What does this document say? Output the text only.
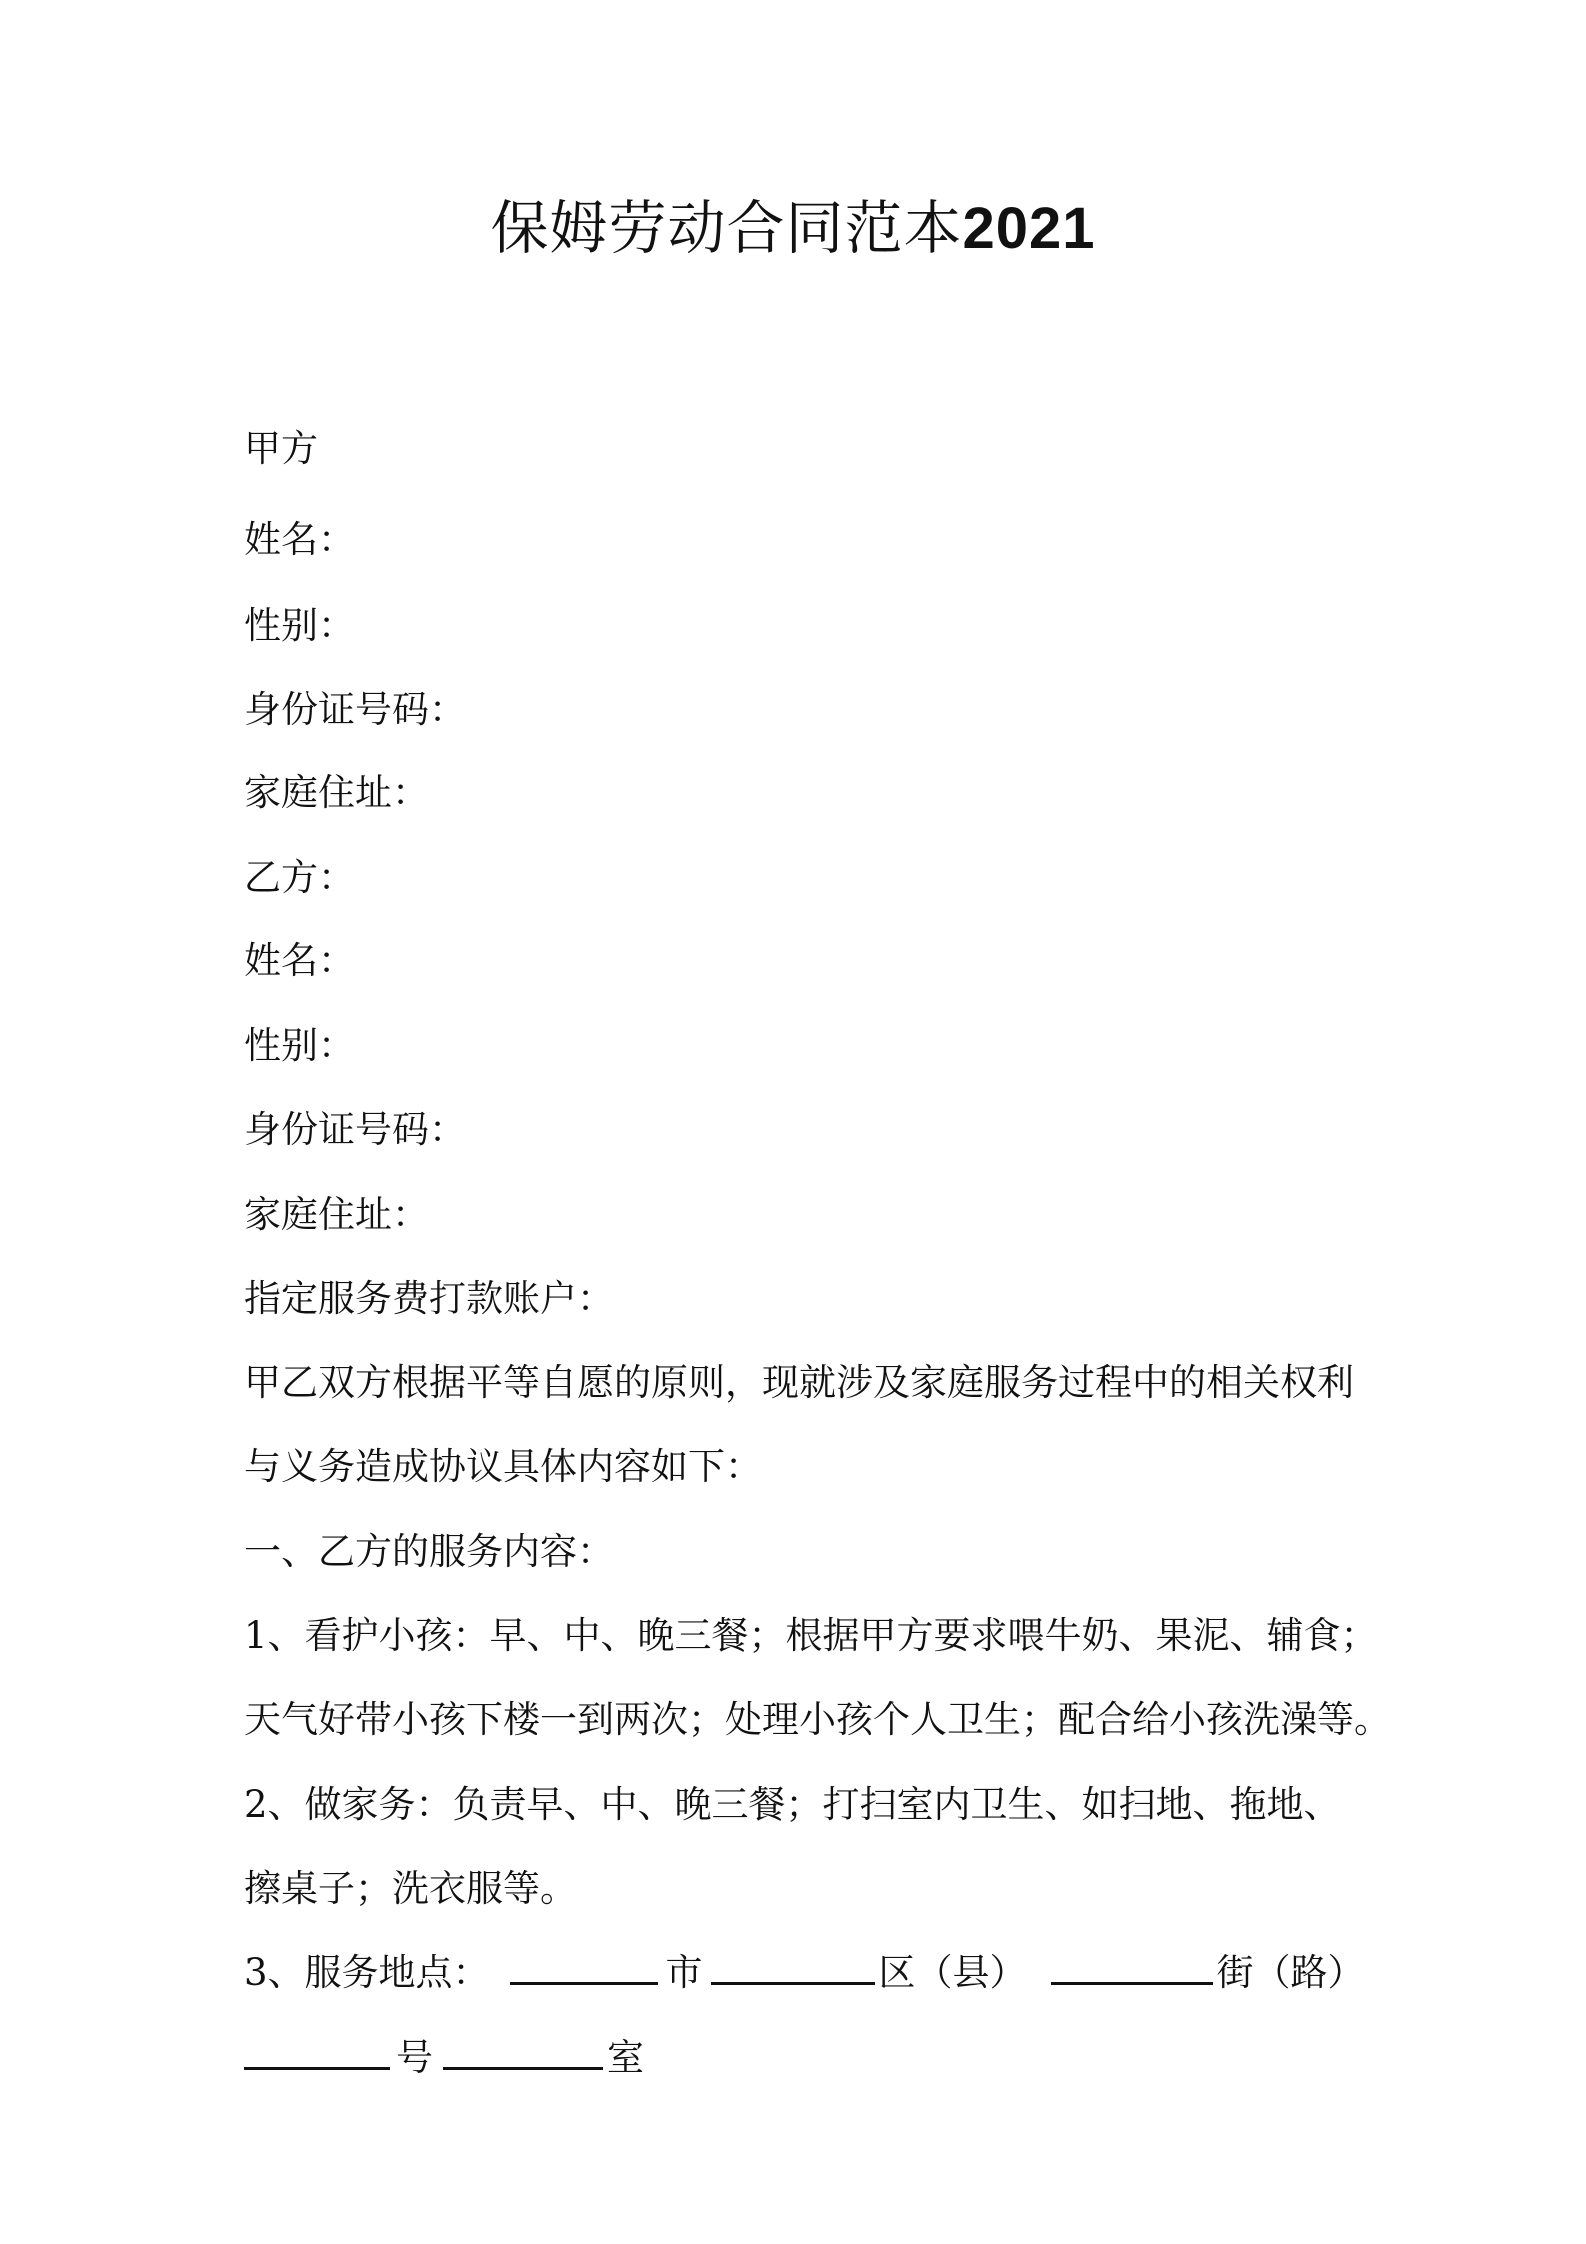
保姆劳动合同范本2021
甲方
姓名：
性别：
身份证号码：
家庭住址：
乙方：
姓名：
性别：
身份证号码：
家庭住址：
指定服务费打款账户：
甲乙双方根据平等自愿的原则，现就涉及家庭服务过程中的相关权利
与义务造成协议具体内容如下：
一、乙方的服务内容：
1、看护小孩：早、中、晚三餐；根据甲方要求喂牛奶、果泥、辅食；
天气好带小孩下楼一到两次；处理小孩个人卫生；配合给小孩洗澡等。
2、做家务：负责早、中、晚三餐；打扫室内卫生、如扫地、拖地、
擦桌子；洗衣服等。
3、服务地点：	市	区（县）	街（路）
号	室
